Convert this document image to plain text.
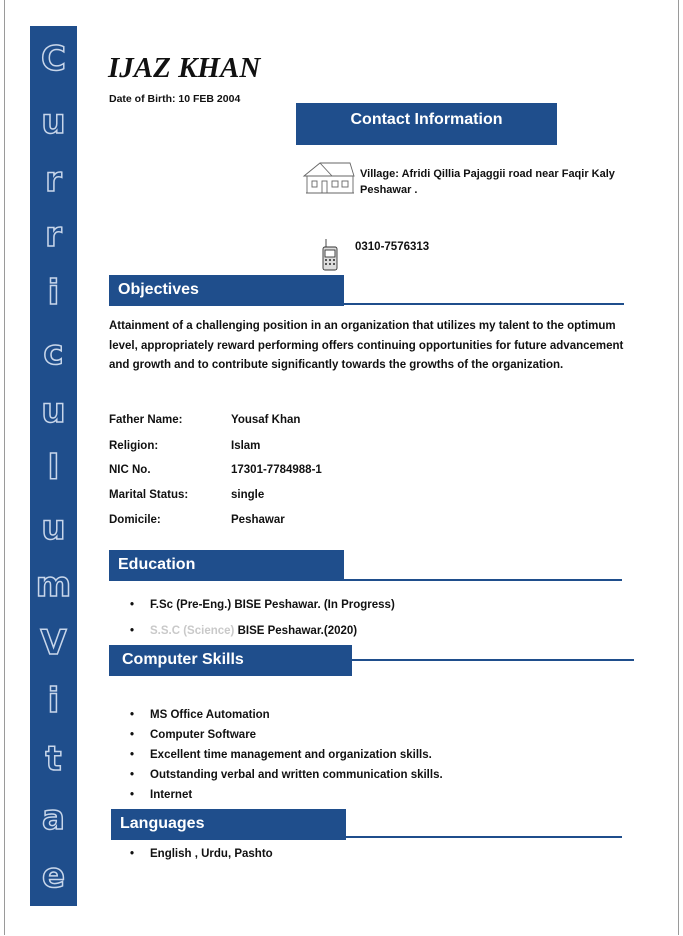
C
u
r
r
i
c
u
l
u
m
V
i
t
a
e
IJAZ KHAN
Date of Birth: 10 FEB 2004
Contact Information
Village: Afridi Qillia Pajaggii road near Faqir Kaly Peshawar .
0310-7576313
Objectives
Attainment of a challenging position in an organization that utilizes my talent to the optimum level, appropriately reward performing offers continuing opportunities for future advancement and growth and to contribute significantly towards the growths of the organization.
Father Name:	Yousaf Khan
Religion:	Islam
NIC No.	17301-7784988-1
Marital Status:	single
Domicile:	Peshawar
Education
• F.Sc (Pre-Eng.) BISE Peshawar. (In Progress)
• S.S.C (Science) BISE Peshawar.(2020)
Computer Skills
• MS Office Automation
• Computer Software
• Excellent time management and organization skills.
• Outstanding verbal and written communication skills.
• Internet
Languages
• English , Urdu, Pashto
